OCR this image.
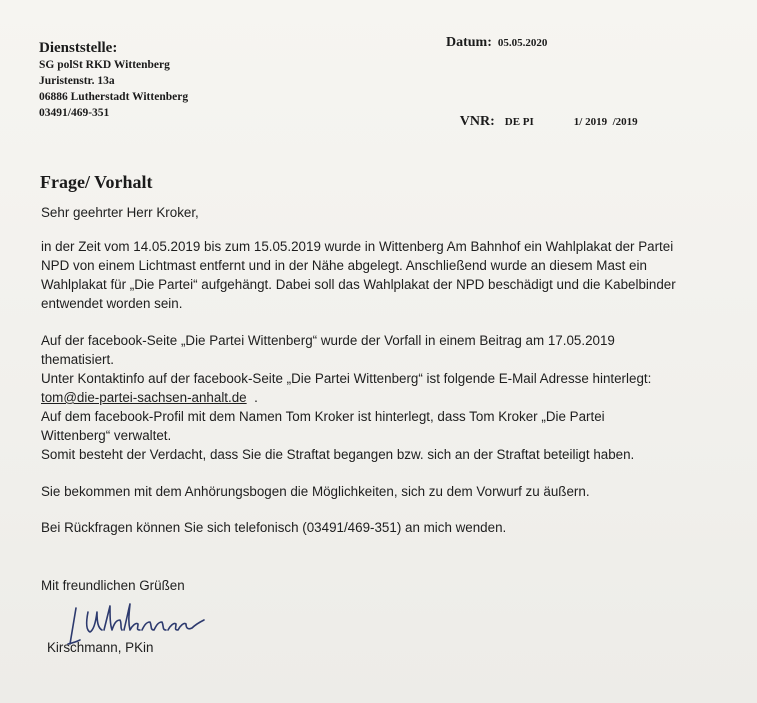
Dienststelle:
SG polSt RKD Wittenberg
Juristenstr. 13a
06886 Lutherstadt Wittenberg
03491/469-351
Datum: 05.05.2020

VNR: DE PI	1/ 2019  /2019

Frage/ Vorhalt
Sehr geehrter Herr Kroker,
in der Zeit vom 14.05.2019 bis zum 15.05.2019 wurde in Wittenberg Am Bahnhof ein Wahlplakat der Partei
NPD von einem Lichtmast entfernt und in der Nähe abgelegt. Anschließend wurde an diesem Mast ein
Wahlplakat für „Die Partei“ aufgehängt. Dabei soll das Wahlplakat der NPD beschädigt und die Kabelbinder
entwendet worden sein.
Auf der facebook-Seite „Die Partei Wittenberg“ wurde der Vorfall in einem Beitrag am 17.05.2019
thematisiert.
Unter Kontaktinfo auf der facebook-Seite „Die Partei Wittenberg“ ist folgende E-Mail Adresse hinterlegt:
tom@die-partei-sachsen-anhalt.de  .
Auf dem facebook-Profil mit dem Namen Tom Kroker ist hinterlegt, dass Tom Kroker „Die Partei
Wittenberg“ verwaltet.
Somit besteht der Verdacht, dass Sie die Straftat begangen bzw. sich an der Straftat beteiligt haben.
Sie bekommen mit dem Anhörungsbogen die Möglichkeiten, sich zu dem Vorwurf zu äußern.
Bei Rückfragen können Sie sich telefonisch (03491/469-351) an mich wenden.
Mit freundlichen Grüßen
Kirschmann, PKin
